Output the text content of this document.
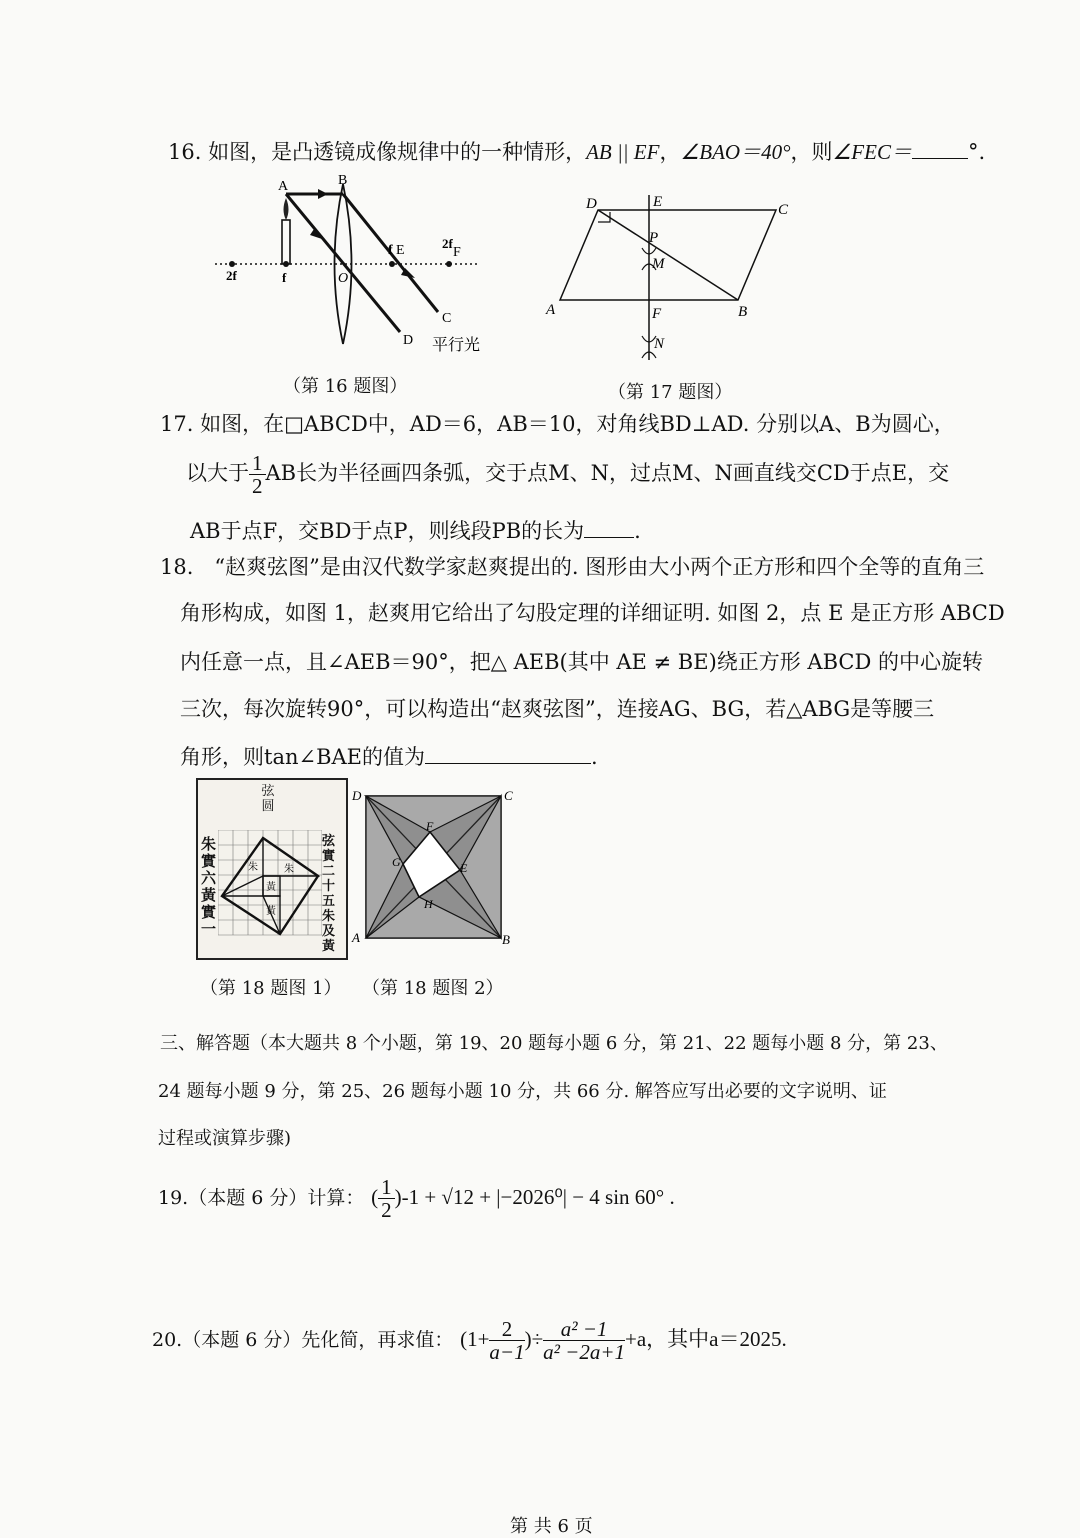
16. 如图，是凸透镜成像规律中的一种情形，AB || EF，∠BAO＝40°，则∠FEC＝	°.
A	B
O
2f	f
f E	2f
F
C
D 平行光
（第 16 题图）
D	E	C
P
M
A	B
F
N
（第 17 题图）
17. 如图，在□ABCD中，AD＝6，AB＝10，对角线BD⊥AD. 分别以A、B为圆心，
以大于 $\frac{1}{2}$ AB长为半径画四条弧，交于点M、N，过点M、N画直线交CD于点E，交
AB于点F，交BD于点P，则线段PB的长为 .
18.　“赵爽弦图”是由汉代数学家赵爽提出的. 图形由大小两个正方形和四个全等的直角三
角形构成，如图 1，赵爽用它给出了勾股定理的详细证明. 如图 2，点 E 是正方形 ABCD
内任意一点，且∠AEB＝90°，把△ AEB(其中 AE ≠ BE)绕正方形 ABCD 的中心旋转
三次，每次旋转90°，可以构造出“赵爽弦图”，连接AG、BG，若△ABG是等腰三
角形，则tan∠BAE的值为	.
弦
圆
朱實六黃實一
弦實二十五朱及黃
朱
黃
朱
黃
D	C
A	B
F
G	E
H
（第 18 题图 1） （第 18 题图 2）
三、解答题（本大题共 8 个小题，第 19、20 题每小题 6 分，第 21、22 题每小题 8 分，第 23、
24 题每小题 9 分，第 25、26 题每小题 10 分，共 66 分. 解答应写出必要的文字说明、证
过程或演算步骤)
19.（本题 6 分）计算： ( $\frac{1}{2} )-1 + √12 + |-2026^0| - 4$ sin 60° .
20.（本题 6 分）先化简，再求值： ($1+ \frac{2}{a-1}$ )÷ $\frac{\text{a² −1}}{\text{a² −2a+1}} +a$，其中a＝2025.
第 共 6 页
